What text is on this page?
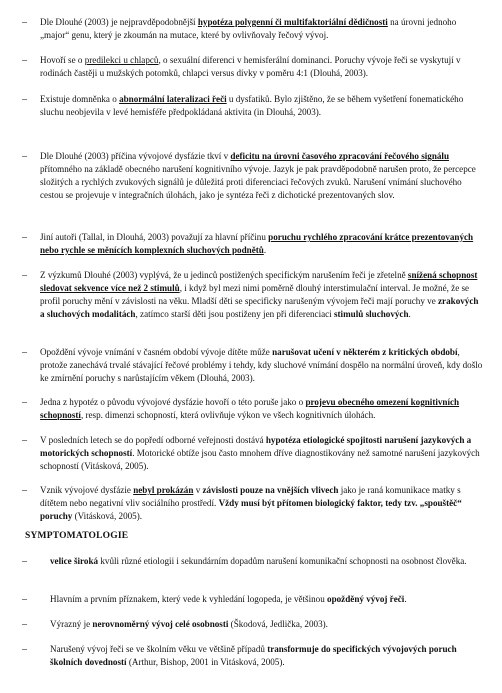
–	Dle Dlouhé (2003) je nejpravděpodobnější hypotéza polygenní či multifaktoriální dědičnosti na úrovni jednoho „major“ genu, který je zkoumán na mutace, které by ovlivňovaly řečový vývoj.
–	Hovoří se o predilekci u chlapců, o sexuální diferenci v hemisferální dominanci. Poruchy vývoje řeči se vyskytují v rodinách častěji u mužských potomků, chlapci versus dívky v poměru 4:1 (Dlouhá, 2003).
–	Existuje domněnka o abnormální lateralizaci řeči u dysfatiků. Bylo zjištěno, že se během vyšetření fonematického sluchu neobjevila v levé hemisféře předpokládaná aktivita (in Dlouhá, 2003).
–	Dle Dlouhé (2003) příčina vývojové dysfázie tkví v deficitu na úrovni časového zpracování řečového signálu přítomného na základě obecného narušení kognitivního vývoje. Jazyk je pak pravděpodobně narušen proto, že percepce složitých a rychlých zvukových signálů je důležitá proti diferenciaci řečových zvuků. Narušení vnímání sluchového cestou se projevuje v integračních úlohách, jako je syntéza řeči z dichotické prezentovaných slov.
–	Jiní autoři (Tallal, in Dlouhá, 2003) považují za hlavní příčinu poruchu rychlého zpracování krátce prezentovaných nebo rychle se měnících komplexních sluchových podnětů.
–	Z výzkumů Dlouhé (2003) vyplývá, že u jedinců postižených specifickým narušením řeči je zřetelně snížená schopnost sledovat sekvence více než 2 stimulů, i když byl mezi nimi poměrně dlouhý interstimulační interval. Je možné, že se profil poruchy mění v závislosti na věku. Mladší děti se specificky narušeným vývojem řeči mají poruchy ve zrakových a sluchových modalitách, zatímco starší děti jsou postiženy jen při diferenciaci stimulů sluchových.
–	Opoždění vývoje vnímání v časném období vývoje dítěte může narušovat učení v některém z kritických období, protože zanechává trvalé stávající řečové problémy i tehdy, kdy sluchové vnímání dospělo na normální úroveň, kdy došlo ke zmírnění poruchy s narůstajícím věkem (Dlouhá, 2003).
–	Jedna z hypotéz o původu vývojové dysfázie hovoří o této poruše jako o projevu obecného omezení kognitivních schopností, resp. dimenzi schopností, která ovlivňuje výkon ve všech kognitivních úlohách.
–	V posledních letech se do popředí odborné veřejnosti dostává hypotéza etiologické spojitosti narušení jazykových a motorických schopností. Motorické obtíže jsou často mnohem dříve diagnostikovány než samotné narušení jazykových schopností (Vitásková, 2005).
–	Vznik vývojové dysfázie nebyl prokázán v závislosti pouze na vnějších vlivech jako je raná komunikace matky s dítětem nebo negativní vliv sociálního prostředí. Vždy musí být přítomen biologický faktor, tedy tzv. „spouštěč“ poruchy (Vitásková, 2005).
SYMPTOMATOLOGIE
–	velice široká kvůli různé etiologii i sekundárním dopadům narušení komunikační schopnosti na osobnost člověka.
–	Hlavním a prvním příznakem, který vede k vyhledání logopeda, je většinou opožděný vývoj řeči.
–	Výrazný je nerovnoměrný vývoj celé osobnosti (Škodová, Jedlička, 2003).
–	Narušený vývoj řeči se ve školním věku ve většině případů transformuje do specifických vývojových poruch školních dovedností (Arthur, Bishop, 2001 in Vitásková, 2005).
